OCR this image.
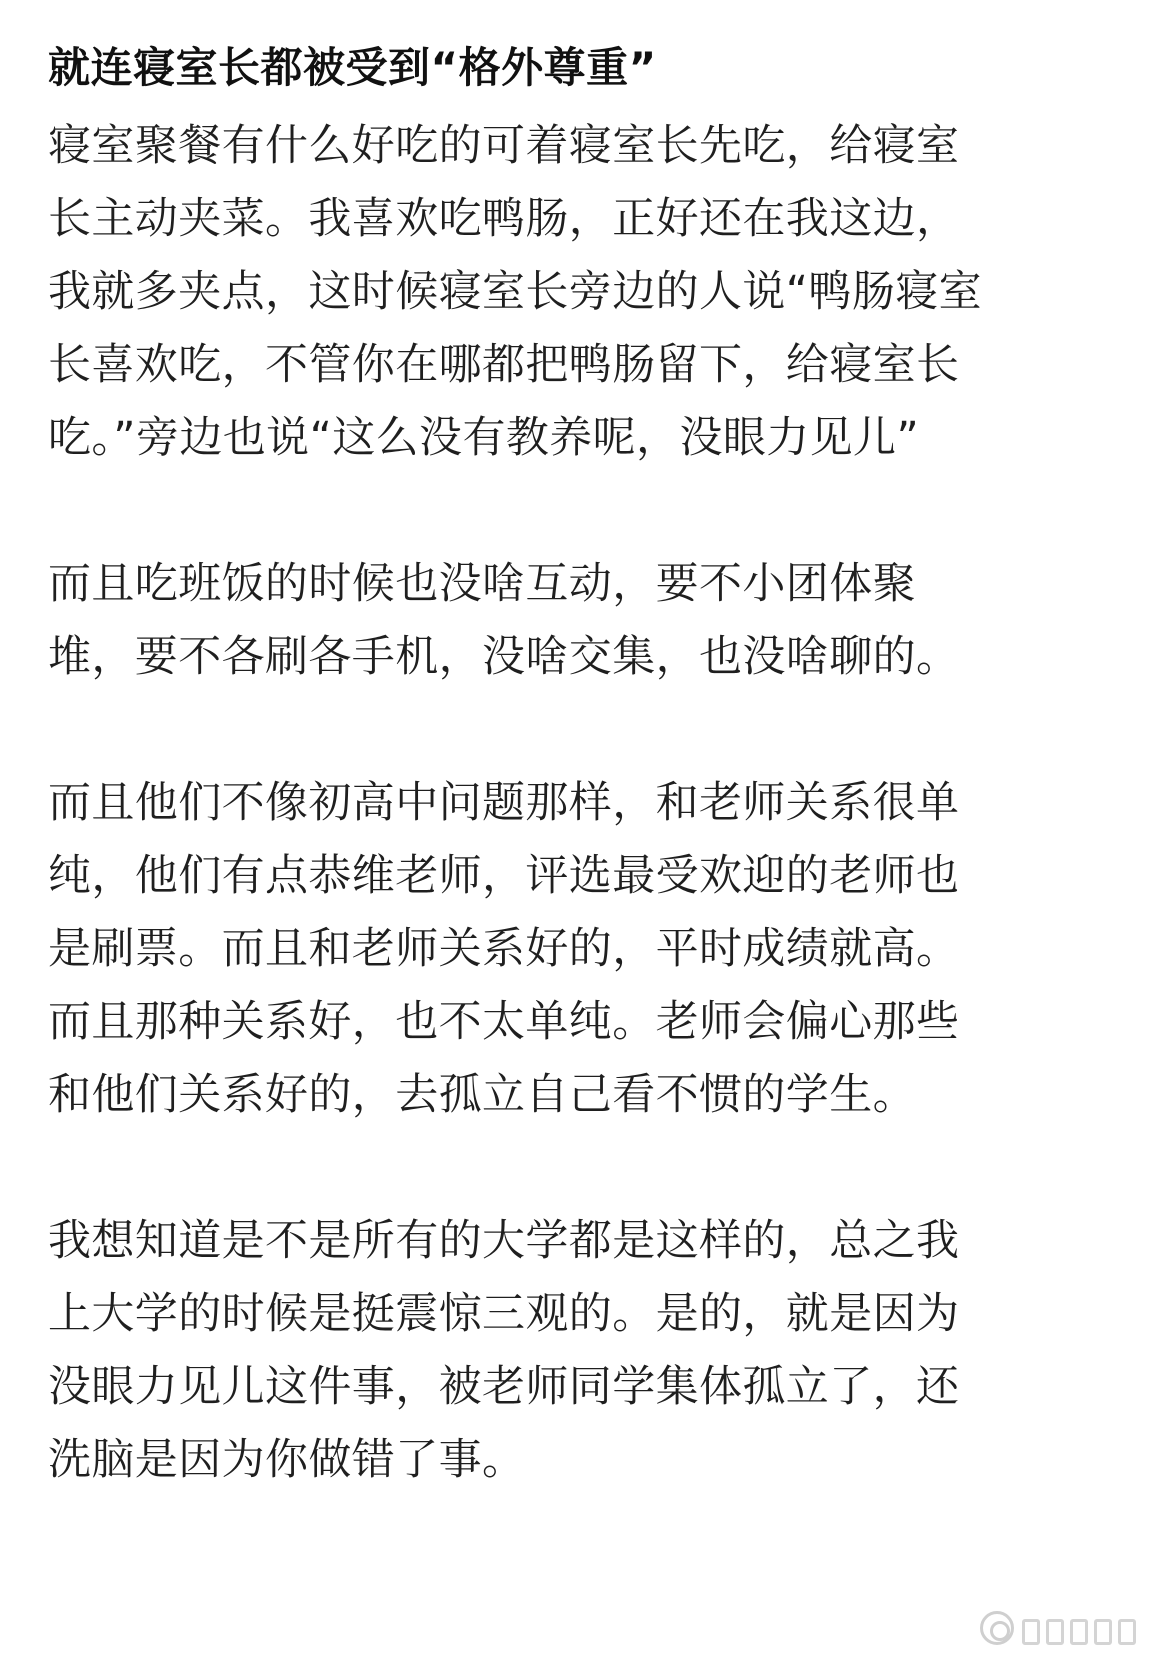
就连寝室长都被受到“格外尊重”

寝室聚餐有什么好吃的可着寝室长先吃，给寝室
长主动夹菜。我喜欢吃鸭肠，正好还在我这边，
我就多夹点，这时候寝室长旁边的人说“鸭肠寝室
长喜欢吃，不管你在哪都把鸭肠留下，给寝室长
吃。”旁边也说“这么没有教养呢，没眼力见儿”

而且吃班饭的时候也没啥互动，要不小团体聚
堆，要不各刷各手机，没啥交集，也没啥聊的。

而且他们不像初高中问题那样，和老师关系很单
纯，他们有点恭维老师，评选最受欢迎的老师也
是刷票。而且和老师关系好的，平时成绩就高。
而且那种关系好，也不太单纯。老师会偏心那些
和他们关系好的，去孤立自己看不惯的学生。

我想知道是不是所有的大学都是这样的，总之我
上大学的时候是挺震惊三观的。是的，就是因为
没眼力见儿这件事，被老师同学集体孤立了，还
洗脑是因为你做错了事。
